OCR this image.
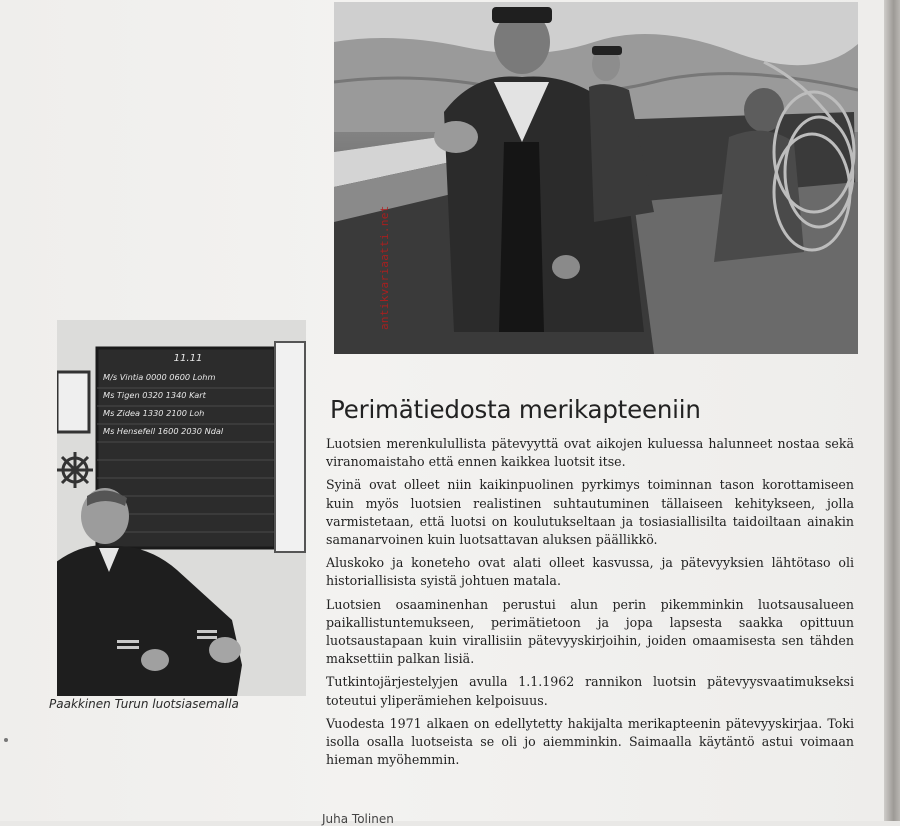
11.11
M/s Vintia 0000 0600 Lohm
Ms Tigen 0320 1340 Kart
Ms Zidea 1330 2100 Loh
Ms Hensefell 1600 2030 Ndal

Paakkinen Turun luotsiasemalla

Perimätiedosta merikapteeniin

Luotsien merenkulullista pätevyyttä ovat aikojen kuluessa halunneet nostaa sekä viranomaistaho että ennen kaikkea luotsit itse.

Syinä ovat olleet niin kaikinpuolinen pyrkimys toiminnan tason korottamiseen kuin myös luotsien realistinen suhtautuminen tällaiseen kehitykseen, jolla varmistetaan, että luotsi on koulutukseltaan ja tosiasiallisilta taidoiltaan ainakin samanarvoinen kuin luotsattavan aluksen päällikkö.

Aluskoko ja koneteho ovat alati olleet kasvussa, ja pätevyyksien lähtötaso oli historiallisista syistä johtuen matala.

Luotsien osaaminenhan perustui alun perin pikemminkin luotsausalueen paikallistuntemukseen, perimätietoon ja jopa lapsesta saakka opittuun luotsaustapaan kuin virallisiin pätevyyskirjoihin, joiden omaamisesta sen tähden maksettiin palkan lisiä.

Tutkintojärjestelyjen avulla 1.1.1962 rannikon luotsin pätevyysvaatimukseksi toteutui yliperämiehen kelpoisuus.

Vuodesta 1971 alkaen on edellytetty hakijalta merikapteenin pätevyyskirjaa. Toki isolla osalla luotseista se oli jo aiemminkin. Saimaalla käytäntö astui voimaan hieman myöhemmin.

Juha Tolinen

antikvariaatti.net
